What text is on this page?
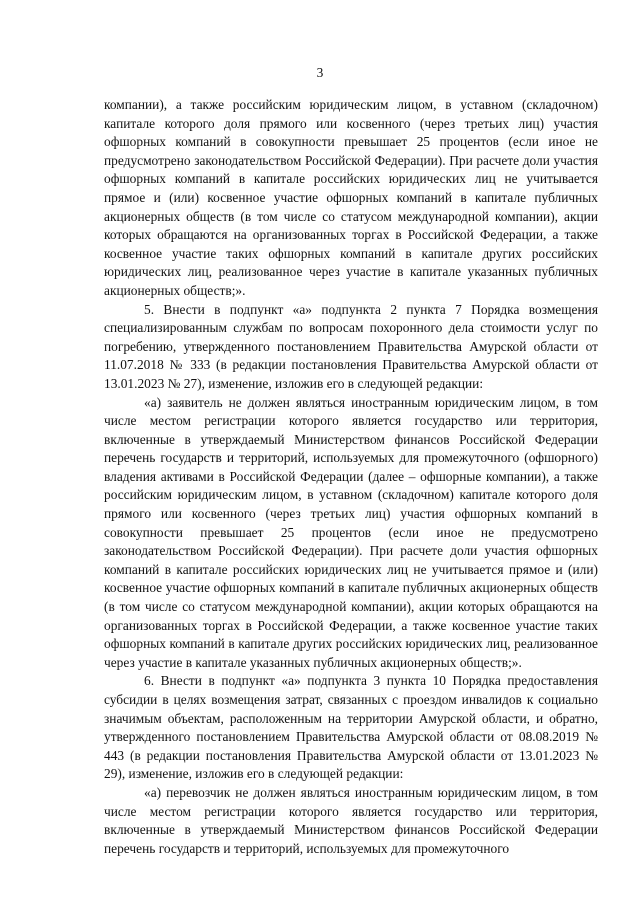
3

компании), а также российским юридическим лицом, в уставном (складочном) капитале которого доля прямого или косвенного (через третьих лиц) участия офшорных компаний в совокупности превышает 25 процентов (если иное не предусмотрено законодательством Российской Федерации). При расчете доли участия офшорных компаний в капитале российских юридических лиц не учитывается прямое и (или) косвенное участие офшорных компаний в капитале публичных акционерных обществ (в том числе со статусом международной компании), акции которых обращаются на организованных торгах в Российской Федерации, а также косвенное участие таких офшорных компаний в капитале других российских юридических лиц, реализованное через участие в капитале указанных публичных акционерных обществ;».

5. Внести в подпункт «а» подпункта 2 пункта 7 Порядка возмещения специализированным службам по вопросам похоронного дела стоимости услуг по погребению, утвержденного постановлением Правительства Амурской области от 11.07.2018 № 333 (в редакции постановления Правительства Амурской области от 13.01.2023 № 27), изменение, изложив его в следующей редакции:

«а) заявитель не должен являться иностранным юридическим лицом, в том числе местом регистрации которого является государство или территория, включенные в утверждаемый Министерством финансов Российской Федерации перечень государств и территорий, используемых для промежуточного (офшорного) владения активами в Российской Федерации (далее – офшорные компании), а также российским юридическим лицом, в уставном (складочном) капитале которого доля прямого или косвенного (через третьих лиц) участия офшорных компаний в совокупности превышает 25 процентов (если иное не предусмотрено законодательством Российской Федерации). При расчете доли участия офшорных компаний в капитале российских юридических лиц не учитывается прямое и (или) косвенное участие офшорных компаний в капитале публичных акционерных обществ (в том числе со статусом международной компании), акции которых обращаются на организованных торгах в Российской Федерации, а также косвенное участие таких офшорных компаний в капитале других российских юридических лиц, реализованное через участие в капитале указанных публичных акционерных обществ;».

6. Внести в подпункт «а» подпункта 3 пункта 10 Порядка предоставления субсидии в целях возмещения затрат, связанных с проездом инвалидов к социально значимым объектам, расположенным на территории Амурской области, и обратно, утвержденного постановлением Правительства Амурской области от 08.08.2019 № 443 (в редакции постановления Правительства Амурской области от 13.01.2023 № 29), изменение, изложив его в следующей редакции:

«а) перевозчик не должен являться иностранным юридическим лицом, в том числе местом регистрации которого является государство или территория, включенные в утверждаемый Министерством финансов Российской Федерации перечень государств и территорий, используемых для промежуточного
